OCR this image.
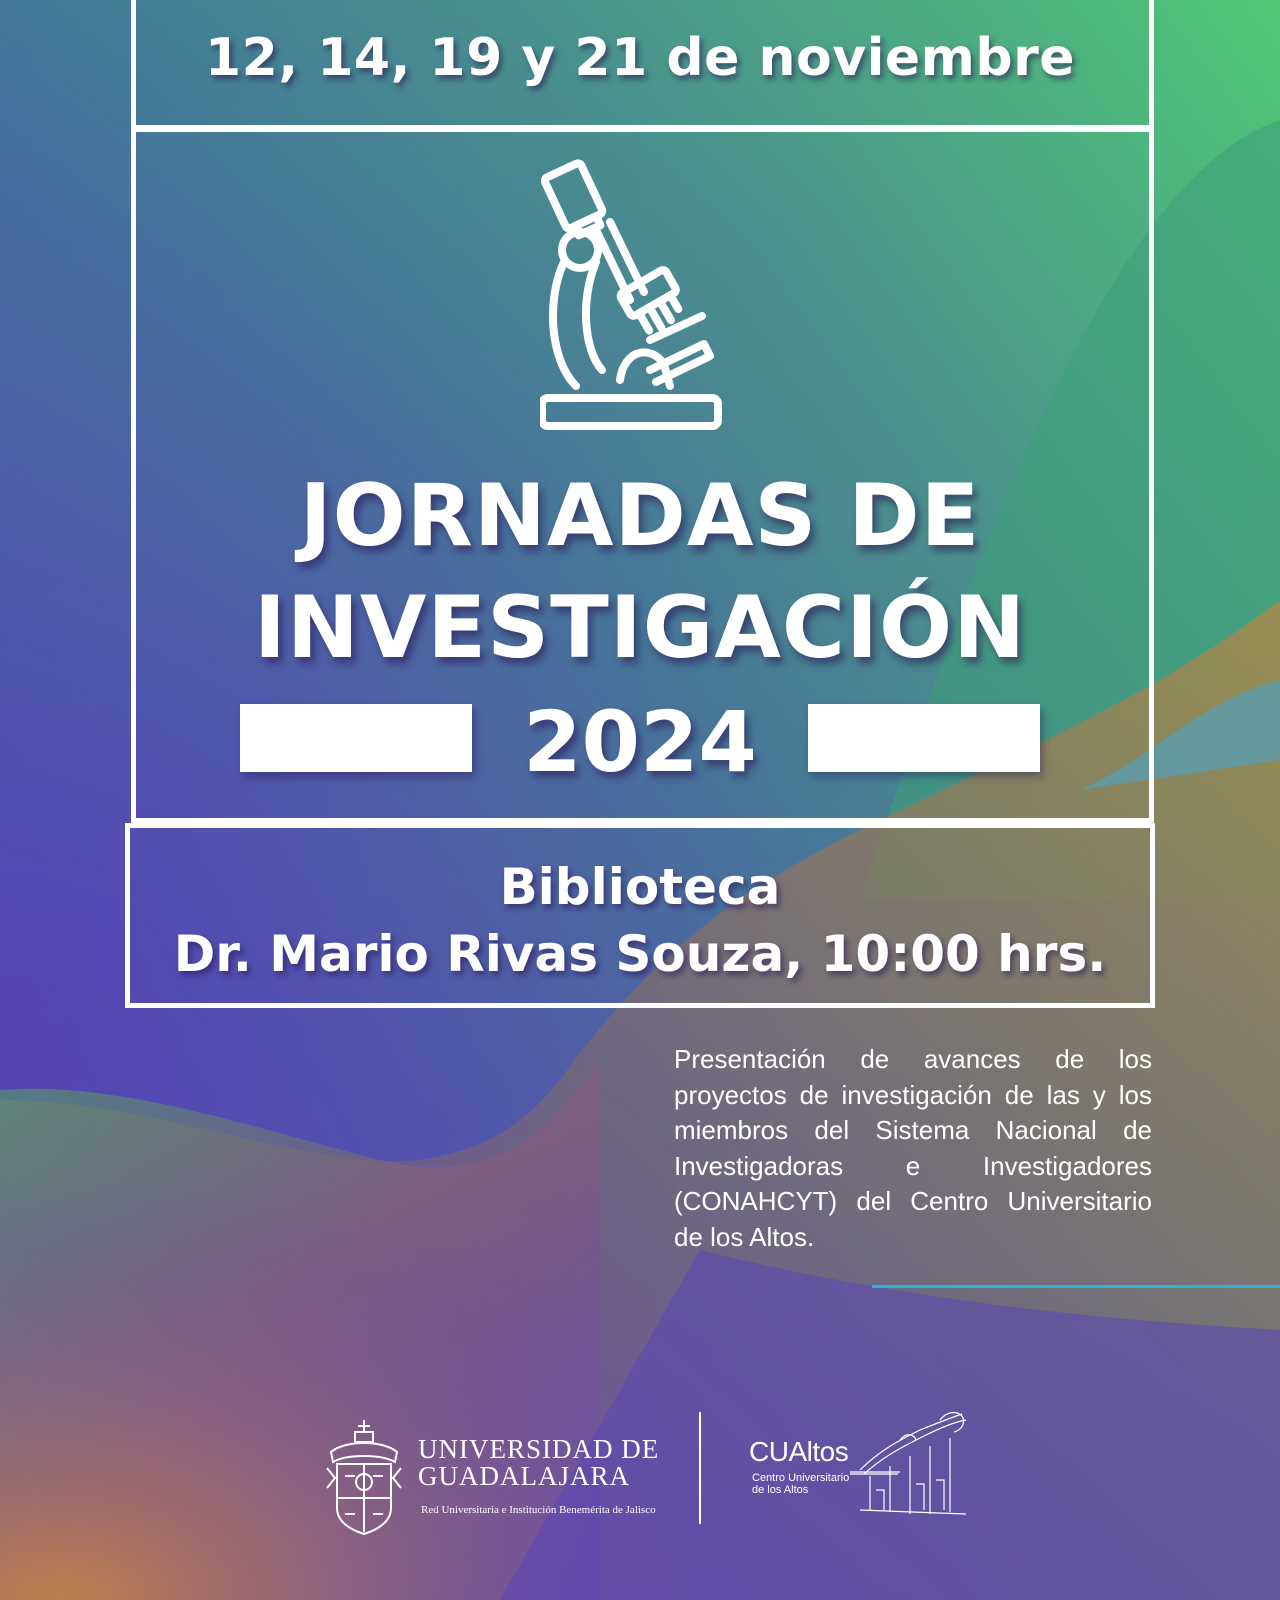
12, 14, 19 y 21 de noviembre
JORNADAS DE
INVESTIGACIÓN
2024
Biblioteca
Dr. Mario Rivas Souza, 10:00 hrs.
Presentación de avances de los proyectos de investigación de las y los miembros del Sistema Nacional de Investigadoras e Investigadores (CONAHCYT) del Centro Universitario de los Altos.
UNIVERSIDAD DE
GUADALAJARA
Red Universitaria e Institución Benemérita de Jalisco
CUAltos
Centro Universitario
de los Altos
